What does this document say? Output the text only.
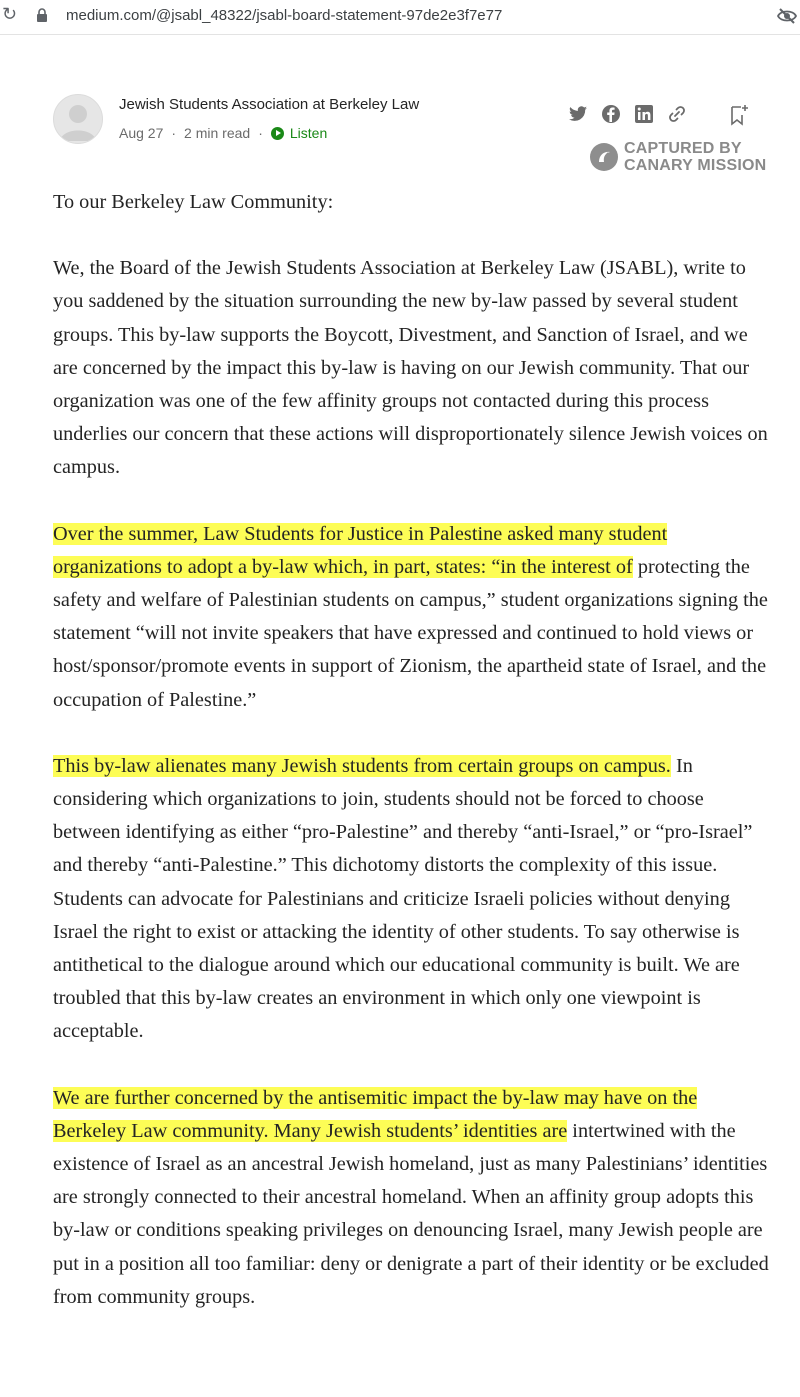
↻	medium.com/@jsabl_48322/jsabl-board-statement-97de2e3f7e77
Jewish Students Association at Berkeley Law
Aug 27 · 2 min read · Listen
CAPTURED BY
CANARY MISSION

To our Berkeley Law Community:

We, the Board of the Jewish Students Association at Berkeley Law (JSABL), write to you saddened by the situation surrounding the new by-law passed by several student groups. This by-law supports the Boycott, Divestment, and Sanction of Israel, and we are concerned by the impact this by-law is having on our Jewish community. That our organization was one of the few affinity groups not contacted during this process underlies our concern that these actions will disproportionately silence Jewish voices on campus.

Over the summer, Law Students for Justice in Palestine asked many student organizations to adopt a by-law which, in part, states: “in the interest of protecting the safety and welfare of Palestinian students on campus,” student organizations signing the statement “will not invite speakers that have expressed and continued to hold views or host/sponsor/promote events in support of Zionism, the apartheid state of Israel, and the occupation of Palestine.”

This by-law alienates many Jewish students from certain groups on campus. In considering which organizations to join, students should not be forced to choose between identifying as either “pro-Palestine” and thereby “anti-Israel,” or “pro-Israel” and thereby “anti-Palestine.” This dichotomy distorts the complexity of this issue. Students can advocate for Palestinians and criticize Israeli policies without denying Israel the right to exist or attacking the identity of other students. To say otherwise is antithetical to the dialogue around which our educational community is built. We are troubled that this by-law creates an environment in which only one viewpoint is acceptable.

We are further concerned by the antisemitic impact the by-law may have on the Berkeley Law community. Many Jewish students’ identities are intertwined with the existence of Israel as an ancestral Jewish homeland, just as many Palestinians’ identities are strongly connected to their ancestral homeland. When an affinity group adopts this by-law or conditions speaking privileges on denouncing Israel, many Jewish people are put in a position all too familiar: deny or denigrate a part of their identity or be excluded from community groups.
